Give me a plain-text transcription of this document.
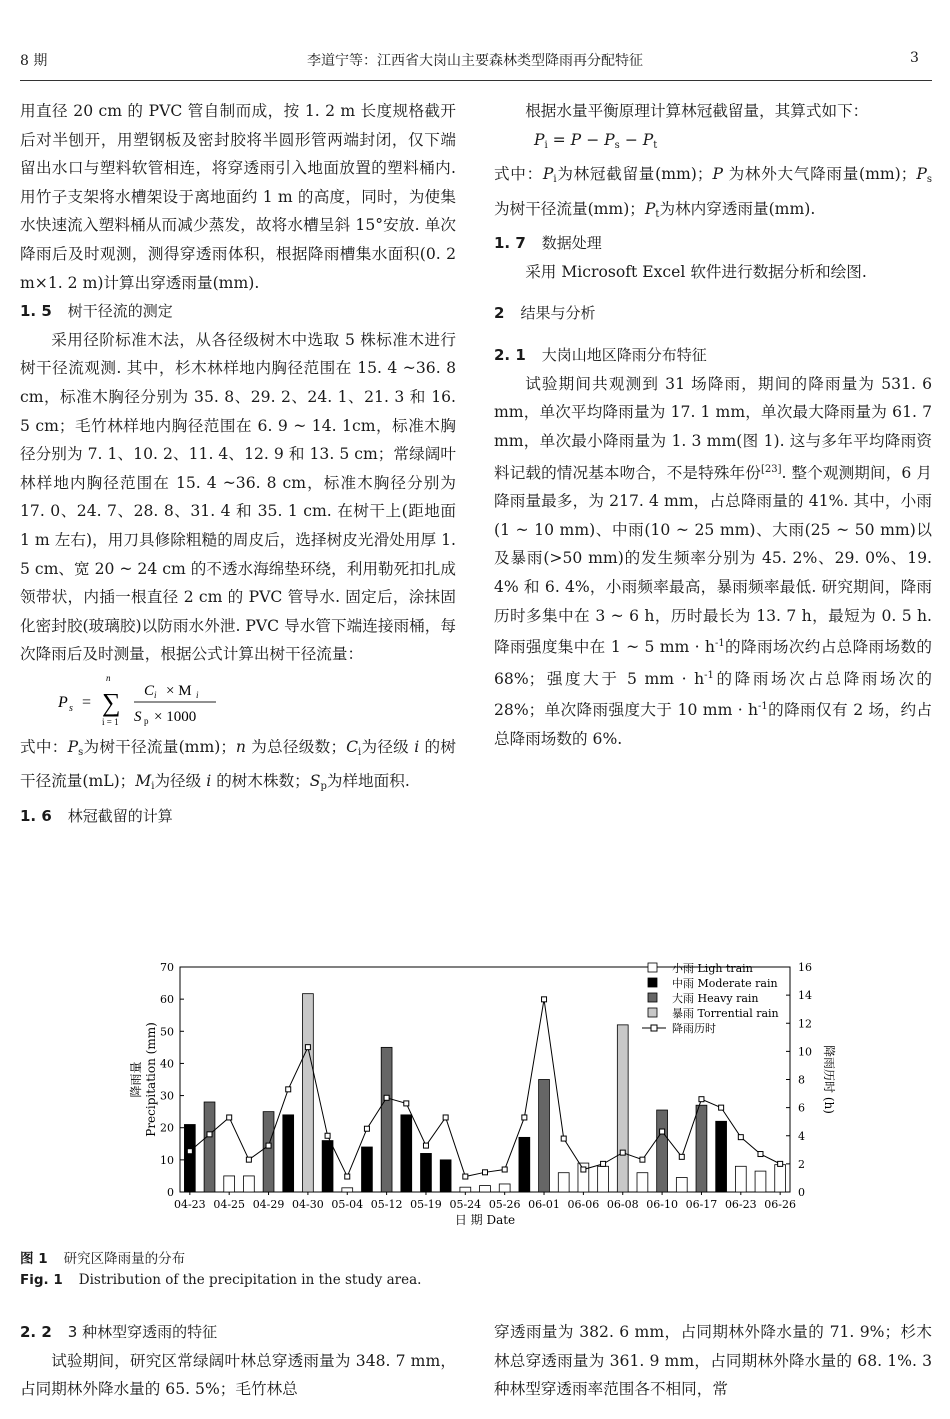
8 期	李道宁等：江西省大岗山主要森林类型降雨再分配特征	3

用直径 20 cm 的 PVC 管自制而成，按 1. 2 m 长度规格截开后对半刨开，用塑钢板及密封胶将半圆形管两端封闭，仅下端留出水口与塑料软管相连，将穿透雨引入地面放置的塑料桶内. 用竹子支架将水槽架设于离地面约 1 m 的高度，同时，为使集水快速流入塑料桶从而减少蒸发，故将水槽呈斜 15°安放. 单次降雨后及时观测，测得穿透雨体积，根据降雨槽集水面积(0. 2 m×1. 2 m)计算出穿透雨量(mm).

1. 5 树干径流的测定

采用径阶标准木法，从各径级树木中选取 5 株标准木进行树干径流观测. 其中，杉木林样地内胸径范围在 15. 4 ~36. 8 cm，标准木胸径分别为 35. 8、29. 2、24. 1、21. 3 和 16. 5 cm；毛竹林样地内胸径范围在 6. 9 ~ 14. 1cm，标准木胸径分别为 7. 1、10. 2、11. 4、12. 9 和 13. 5 cm；常绿阔叶林样地内胸径范围在 15. 4 ~36. 8 cm，标准木胸径分别为 17. 0、24. 7、28. 8、31. 4 和 35. 1 cm. 在树干上(距地面 1 m 左右)，用刀具修除粗糙的周皮后，选择树皮光滑处用厚 1. 5 cm、宽 20 ~ 24 cm 的不透水海绵垫环绕，利用勒死扣扎成领带状，内插一根直径 2 cm 的 PVC 管导水. 固定后，涂抹固化密封胶(玻璃胶)以防雨水外泄. PVC 导水管下端连接雨桶，每次降雨后及时测量，根据公式计算出树干径流量：

P s =
n
∑
i = 1
C i × M i
S p × 1000

式中：$P_s$为树干径流量(mm)；n 为总径级数；$C_i$为径级 i 的树干径流量(mL)；$M_i$为径级 i 的树木株数；$S_p$为样地面积.

1. 6 林冠截留的计算

根据水量平衡原理计算林冠截留量，其算式如下：

$P_i = P - P_s - P_t$

式中：$P_i$为林冠截留量(mm)；P 为林外大气降雨量(mm)；$P_s$为树干径流量(mm)；$P_t$为林内穿透雨量(mm).

1. 7 数据处理

采用 Microsoft Excel 软件进行数据分析和绘图.

2 结果与分析

2. 1 大岗山地区降雨分布特征

试验期间共观测到 31 场降雨，期间的降雨量为 531. 6 mm，单次平均降雨量为 17. 1 mm，单次最大降雨量为 61. 7 mm，单次最小降雨量为 1. 3 mm(图 1). 这与多年平均降雨资料记载的情况基本吻合，不是特殊年份[23]. 整个观测期间，6 月降雨量最多，为 217. 4 mm，占总降雨量的 41%. 其中，小雨(1 ~ 10 mm)、中雨(10 ~ 25 mm)、大雨(25 ~ 50 mm)以及暴雨(>50 mm)的发生频率分别为 45. 2%、29. 0%、19. 4% 和 6. 4%，小雨频率最高，暴雨频率最低. 研究期间，降雨历时多集中在 3 ~ 6 h，历时最长为 13. 7 h，最短为 0. 5 h. 降雨强度集中在 1 ~ 5 mm · $h^{-1}$的降雨场次约占总降雨场数的 68%；强度大于 5 mm · $h^{-1}$的降雨场次占总降雨场次的 28%；单次降雨强度大于 10 mm · $h^{-1}$的降雨仅有 2 场，约占总降雨场数的 6%.

0
10
20
30
40
50
60
70
0
2
4
6
8
10
12
14
16
04-23 04-25 04-29 04-30 05-04 05-12 05-19 05-24 05-26 06-01 06-06 06-08 06-10 06-17 06-23 06-26
日 期 Date
降雨量 Precipitation (mm)	降雨历时 (h)
小雨 Ligh train
中雨 Moderate rain
大雨 Heavy rain
暴雨 Torrential rain
降雨历时
图 1 研究区降雨量的分布
Fig. 1 Distribution of the precipitation in the study area.

2. 2 3 种林型穿透雨的特征

试验期间，研究区常绿阔叶林总穿透雨量为 348. 7 mm，占同期林外降水量的 65. 5%；毛竹林总

穿透雨量为 382. 6 mm，占同期林外降水量的 71. 9%；杉木林总穿透雨量为 361. 9 mm，占同期林外降水量的 68. 1%. 3 种林型穿透雨率范围各不相同，常
